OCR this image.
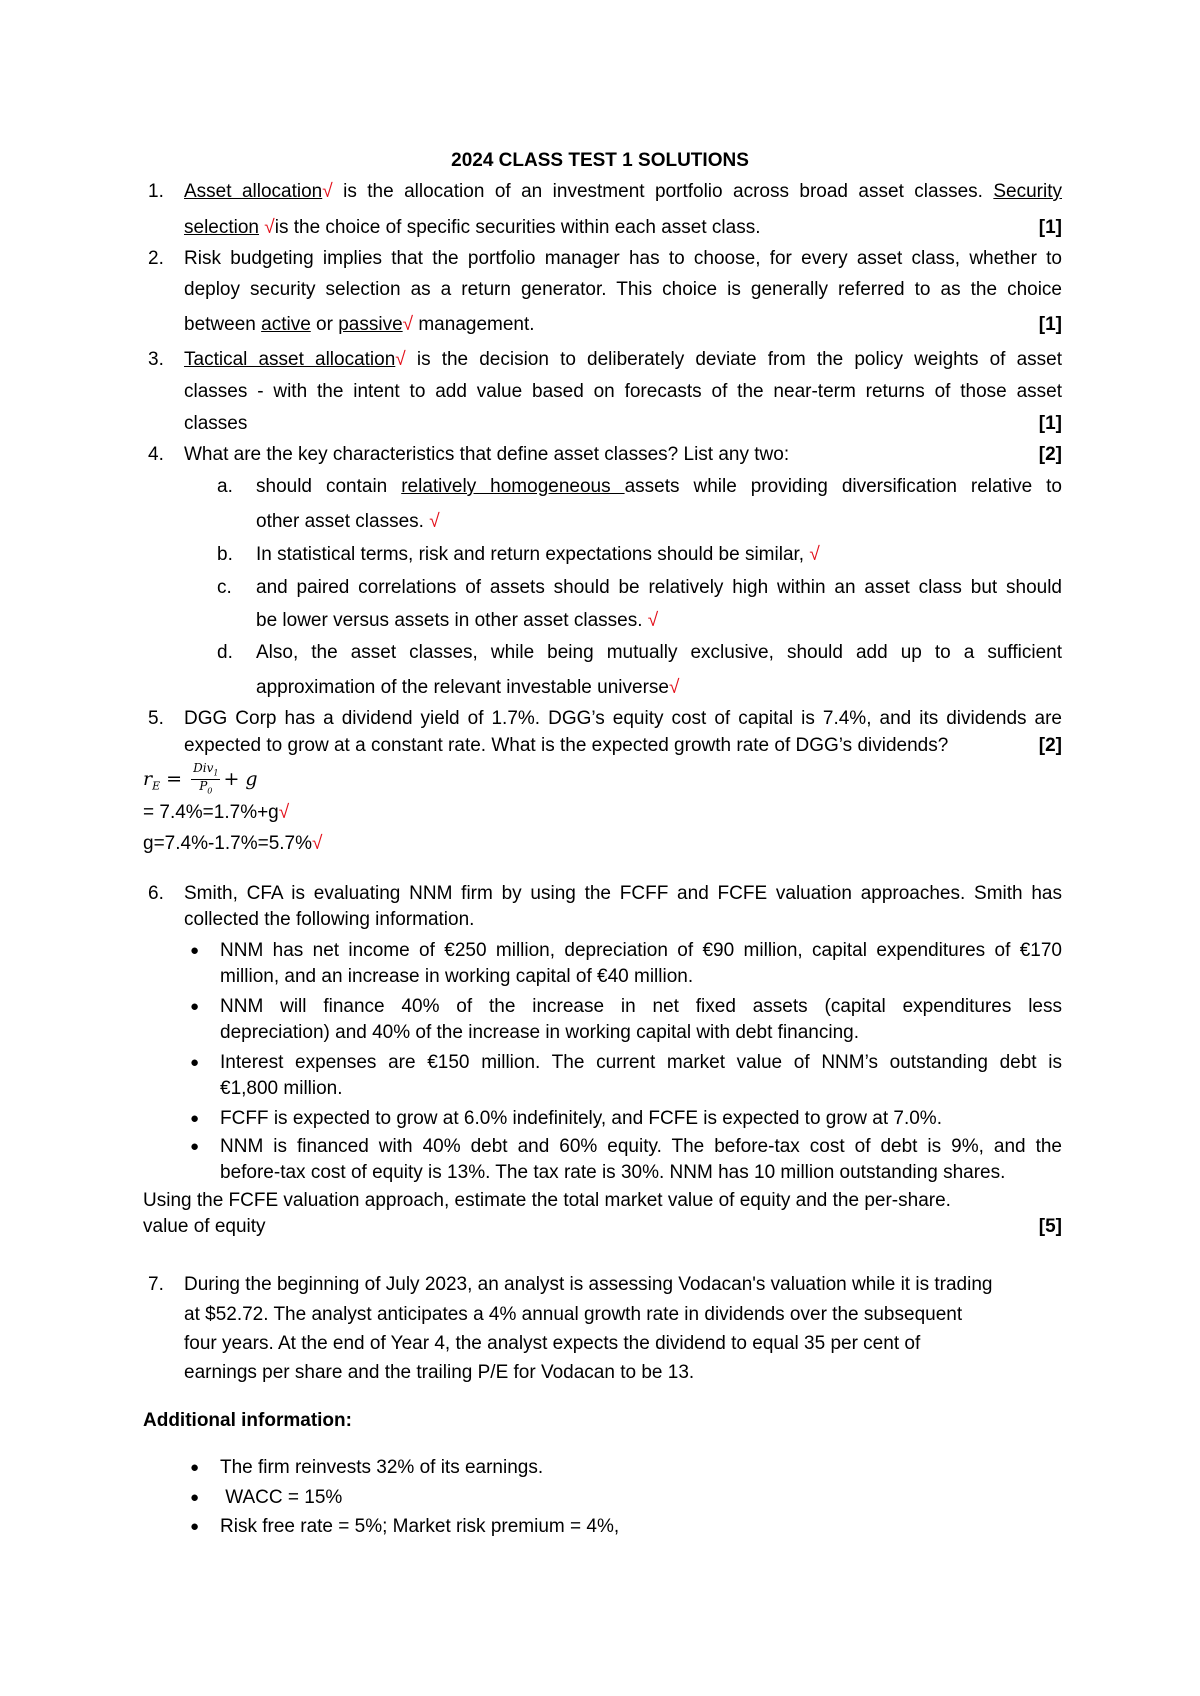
2024 CLASS TEST 1 SOLUTIONS
1. Asset allocation√ is the allocation of an investment portfolio across broad asset classes. Security
selection √is the choice of specific securities within each asset class.	[1]
2. Risk budgeting implies that the portfolio manager has to choose, for every asset class, whether to
deploy security selection as a return generator. This choice is generally referred to as the choice
between active or passive√ management.	[1]
3. Tactical asset allocation√ is the decision to deliberately deviate from the policy weights of asset
classes - with the intent to add value based on forecasts of the near-term returns of those asset
classes	[1]
4. What are the key characteristics that define asset classes? List any two:	[2]
a. should contain relatively homogeneous assets while providing diversification relative to
other asset classes. √
b. In statistical terms, risk and return expectations should be similar, √
c. and paired correlations of assets should be relatively high within an asset class but should
be lower versus assets in other asset classes. √
d. Also, the asset classes, while being mutually exclusive, should add up to a sufficient
approximation of the relevant investable universe√
5. DGG Corp has a dividend yield of 1.7%. DGG’s equity cost of capital is 7.4%, and its dividends are
expected to grow at a constant rate. What is the expected growth rate of DGG’s dividends?	[2]
$r_E = \frac{Div_1}{P_0} + g$
= 7.4%=1.7%+g√
g=7.4%-1.7%=5.7%√
6. Smith, CFA is evaluating NNM firm by using the FCFF and FCFE valuation approaches. Smith has
collected the following information.
● NNM has net income of €250 million, depreciation of €90 million, capital expenditures of €170
million, and an increase in working capital of €40 million.
● NNM will finance 40% of the increase in net fixed assets (capital expenditures less
depreciation) and 40% of the increase in working capital with debt financing.
● Interest expenses are €150 million. The current market value of NNM’s outstanding debt is
€1,800 million.
● FCFF is expected to grow at 6.0% indefinitely, and FCFE is expected to grow at 7.0%.
● NNM is financed with 40% debt and 60% equity. The before-tax cost of debt is 9%, and the
before-tax cost of equity is 13%. The tax rate is 30%. NNM has 10 million outstanding shares.
Using the FCFE valuation approach, estimate the total market value of equity and the per-share.
value of equity	[5]
7. During the beginning of July 2023, an analyst is assessing Vodacan's valuation while it is trading
at $52.72. The analyst anticipates a 4% annual growth rate in dividends over the subsequent
four years. At the end of Year 4, the analyst expects the dividend to equal 35 per cent of
earnings per share and the trailing P/E for Vodacan to be 13.
Additional information:
● The firm reinvests 32% of its earnings.
● WACC = 15%
● Risk free rate = 5%; Market risk premium = 4%,
